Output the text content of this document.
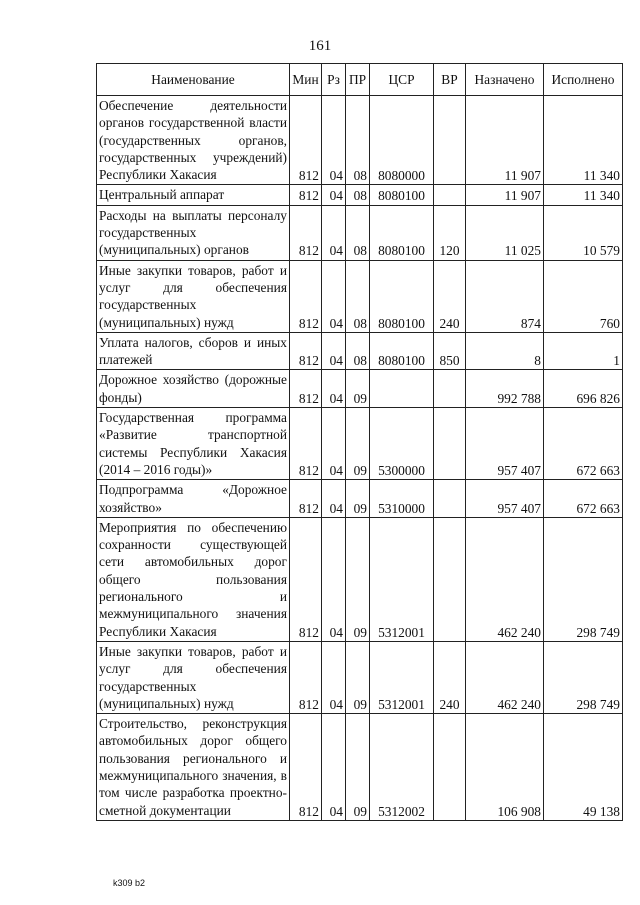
161
Наименование	Мин	Рз	ПР	ЦСР	ВР	Назначено	Исполнено
Обеспечение деятельности органов государственной власти (государственных органов, государственных учреждений) Республики Хакасия	812	04	08	8080000		11 907	11 340
Центральный аппарат	812	04	08	8080100		11 907	11 340
Расходы на выплаты персоналу государственных (муниципальных) органов	812	04	08	8080100	120	11 025	10 579
Иные закупки товаров, работ и услуг для обеспечения государственных (муниципальных) нужд	812	04	08	8080100	240	874	760
Уплата налогов, сборов и иных платежей	812	04	08	8080100	850	8	1
Дорожное хозяйство (дорожные фонды)	812	04	09			992 788	696 826
Государственная программа «Развитие транспортной системы Республики Хакасия (2014 – 2016 годы)»	812	04	09	5300000		957 407	672 663
Подпрограмма «Дорожное хозяйство»	812	04	09	5310000		957 407	672 663
Мероприятия по обеспечению сохранности существующей сети автомобильных дорог общего пользования регионального и межмуниципального значения Республики Хакасия	812	04	09	5312001		462 240	298 749
Иные закупки товаров, работ и услуг для обеспечения государственных (муниципальных) нужд	812	04	09	5312001	240	462 240	298 749
Строительство, реконструкция автомобильных дорог общего пользования регионального и межмуниципального значения, в том числе разработка проектно-сметной документации	812	04	09	5312002		106 908	49 138
k309 b2
